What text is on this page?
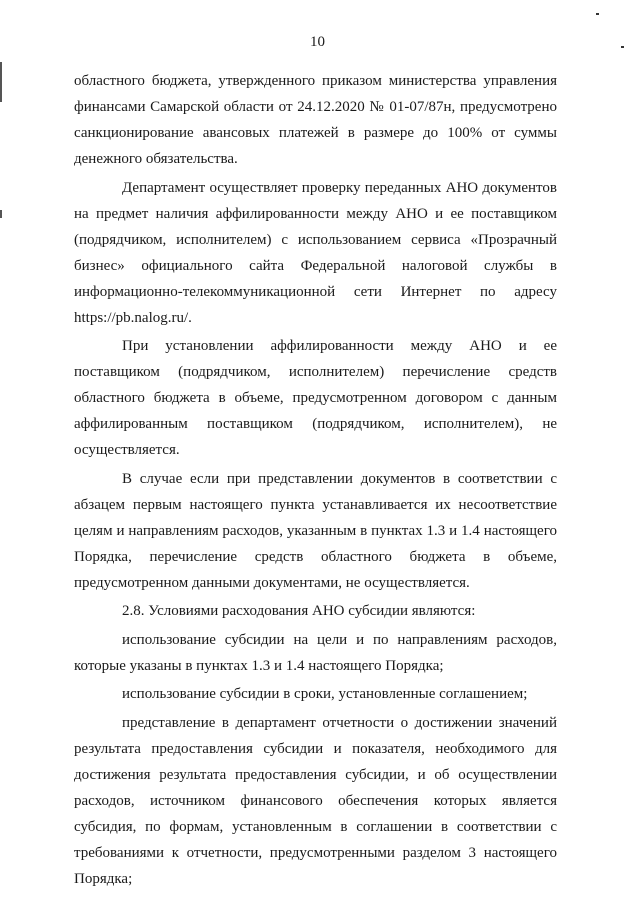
10

областного бюджета, утвержденного приказом министерства управления финансами Самарской области от 24.12.2020 № 01-07/87н, предусмотрено санкционирование авансовых платежей в размере до 100% от суммы денежного обязательства.

Департамент осуществляет проверку переданных АНО документов на предмет наличия аффилированности между АНО и ее поставщиком (подрядчиком, исполнителем) с использованием сервиса «Прозрачный бизнес» официального сайта Федеральной налоговой службы в информационно-телекоммуникационной сети Интернет по адресу https://pb.nalog.ru/.

При установлении аффилированности между АНО и ее поставщиком (подрядчиком, исполнителем) перечисление средств областного бюджета в объеме, предусмотренном договором с данным аффилированным поставщиком (подрядчиком, исполнителем), не осуществляется.

В случае если при представлении документов в соответствии с абзацем первым настоящего пункта устанавливается их несоответствие целям и направлениям расходов, указанным в пунктах 1.3 и 1.4 настоящего Порядка, перечисление средств областного бюджета в объеме, предусмотренном данными документами, не осуществляется.

2.8. Условиями расходования АНО субсидии являются:

использование субсидии на цели и по направлениям расходов, которые указаны в пунктах 1.3 и 1.4 настоящего Порядка;

использование субсидии в сроки, установленные соглашением;

представление в департамент отчетности о достижении значений результата предоставления субсидии и показателя, необходимого для достижения результата предоставления субсидии, и об осуществлении расходов, источником финансового обеспечения которых является субсидия, по формам, установленным в соглашении в соответствии с требованиями к отчетности, предусмотренными разделом 3 настоящего Порядка;
